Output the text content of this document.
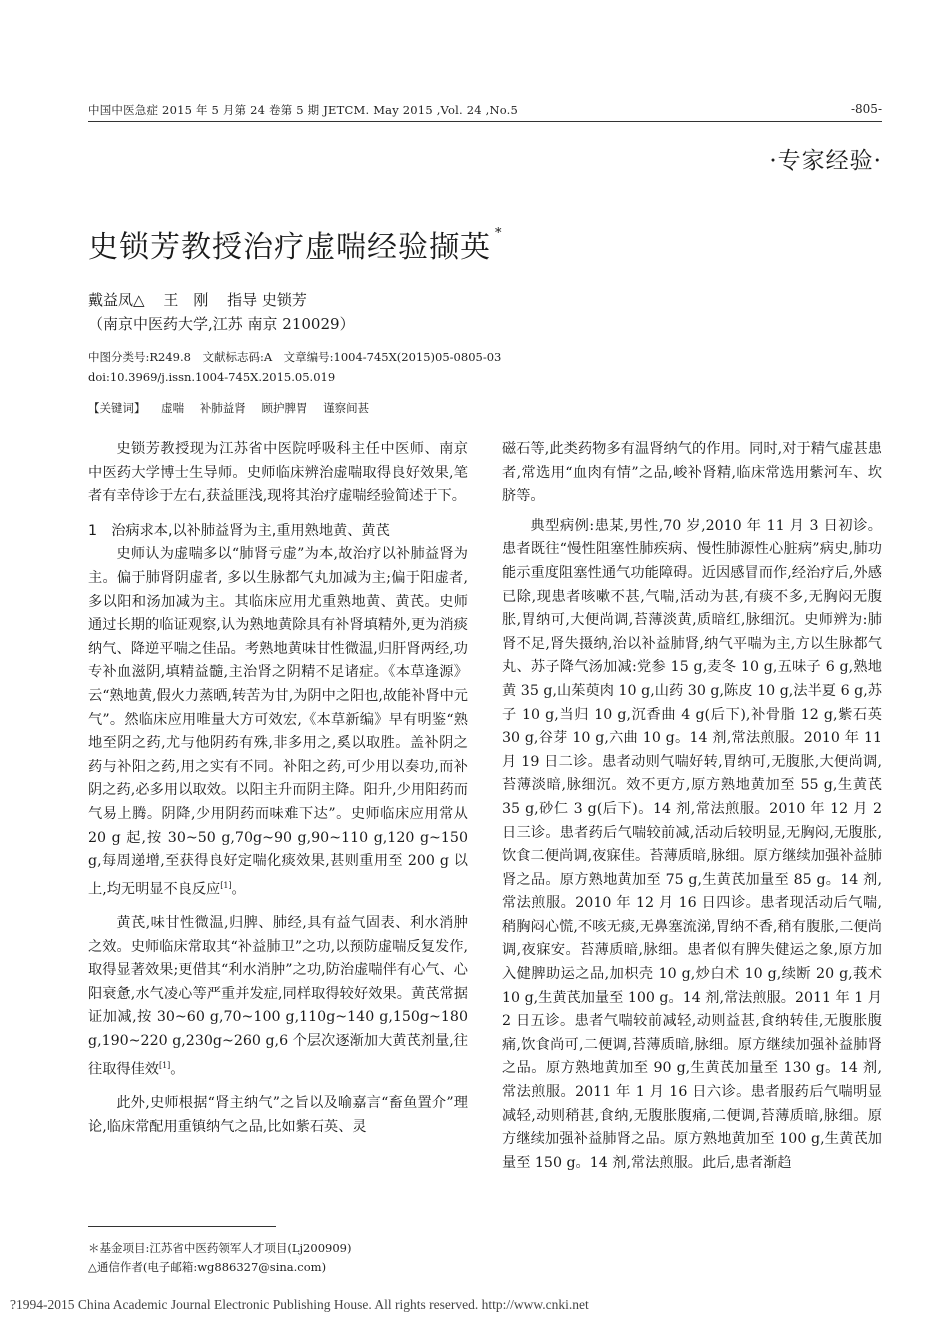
中国中医急症 2015 年 5 月第 24 卷第 5 期 JETCM. May 2015 ,Vol. 24 ,No.5	-805-
·专家经验·
史锁芳教授治疗虚喘经验撷英 *
戴益凤△ 王　刚 指导 史锁芳
（南京中医药大学,江苏 南京 210029）
中图分类号:R249.8　文献标志码:A　文章编号:1004-745X(2015)05-0805-03
doi:10.3969/j.issn.1004-745X.2015.05.019
【关键词】 虚喘 补肺益肾 顾护脾胃 谨察间甚

史锁芳教授现为江苏省中医院呼吸科主任中医师、南京中医药大学博士生导师。史师临床辨治虚喘取得良好效果,笔者有幸侍诊于左右,获益匪浅,现将其治疗虚喘经验简述于下。

1　治病求本,以补肺益肾为主,重用熟地黄、黄芪

史师认为虚喘多以“肺肾亏虚”为本,故治疗以补肺益肾为主。偏于肺肾阴虚者, 多以生脉都气丸加减为主;偏于阳虚者,多以阳和汤加减为主。其临床应用尤重熟地黄、黄芪。史师通过长期的临证观察,认为熟地黄除具有补肾填精外,更为消痰纳气、降逆平喘之佳品。考熟地黄味甘性微温,归肝肾两经,功专补血滋阴,填精益髓,主治肾之阴精不足诸症。《本草逢源》云“熟地黄,假火力蒸晒,转苦为甘,为阴中之阳也,故能补肾中元气”。然临床应用唯量大方可效宏,《本草新编》早有明鉴“熟地至阴之药,尤与他阴药有殊,非多用之,奚以取胜。盖补阴之药与补阳之药,用之实有不同。补阳之药,可少用以奏功,而补阴之药,必多用以取效。以阳主升而阴主降。阳升,少用阳药而气易上腾。阴降,少用阴药而味难下达”。史师临床应用常从 20 g 起,按 30~50 g,70g~90 g,90~110 g,120 g~150 g,每周递增,至获得良好定喘化痰效果,甚则重用至 200 g 以上,均无明显不良反应[1]。

黄芪,味甘性微温,归脾、肺经,具有益气固表、利水消肿之效。史师临床常取其“补益肺卫”之功,以预防虚喘反复发作,取得显著效果;更借其“利水消肿”之功,防治虚喘伴有心气、心阳衰惫,水气凌心等严重并发症,同样取得较好效果。黄芪常据证加减,按 30~60 g,70~100 g,110g~140 g,150g~180 g,190~220 g,230g~260 g,6 个层次逐渐加大黄芪剂量,往往取得佳效[1]。

此外,史师根据“肾主纳气”之旨以及喻嘉言“畜鱼置介”理论,临床常配用重镇纳气之品,比如紫石英、灵

磁石等,此类药物多有温肾纳气的作用。同时,对于精气虚甚患者,常选用“血肉有情”之品,峻补肾精,临床常选用紫河车、坎脐等。

典型病例:患某,男性,70 岁,2010 年 11 月 3 日初诊。患者既往“慢性阻塞性肺疾病、慢性肺源性心脏病”病史,肺功能示重度阻塞性通气功能障碍。近因感冒而作,经治疗后,外感已除,现患者咳嗽不甚,气喘,活动为甚,有痰不多,无胸闷无腹胀,胃纳可,大便尚调,苔薄淡黄,质暗红,脉细沉。史师辨为:肺肾不足,肾失摄纳,治以补益肺肾,纳气平喘为主,方以生脉都气丸、苏子降气汤加减:党参 15 g,麦冬 10 g,五味子 6 g,熟地黄 35 g,山茱萸肉 10 g,山药 30 g,陈皮 10 g,法半夏 6 g,苏子 10 g,当归 10 g,沉香曲 4 g(后下),补骨脂 12 g,紫石英 30 g,谷芽 10 g,六曲 10 g。14 剂,常法煎服。2010 年 11 月 19 日二诊。患者动则气喘好转,胃纳可,无腹胀,大便尚调,苔薄淡暗,脉细沉。效不更方,原方熟地黄加至 55 g,生黄芪 35 g,砂仁 3 g(后下)。14 剂,常法煎服。2010 年 12 月 2 日三诊。患者药后气喘较前减,活动后较明显,无胸闷,无腹胀,饮食二便尚调,夜寐佳。苔薄质暗,脉细。原方继续加强补益肺肾之品。原方熟地黄加至 75 g,生黄芪加量至 85 g。14 剂,常法煎服。2010 年 12 月 16 日四诊。患者现活动后气喘,稍胸闷心慌,不咳无痰,无鼻塞流涕,胃纳不香,稍有腹胀,二便尚调,夜寐安。苔薄质暗,脉细。患者似有脾失健运之象,原方加入健脾助运之品,加枳壳 10 g,炒白术 10 g,续断 20 g,莪术 10 g,生黄芪加量至 100 g。14 剂,常法煎服。2011 年 1 月 2 日五诊。患者气喘较前减轻,动则益甚,食纳转佳,无腹胀腹痛,饮食尚可,二便调,苔薄质暗,脉细。原方继续加强补益肺肾之品。原方熟地黄加至 90 g,生黄芪加量至 130 g。14 剂,常法煎服。2011 年 1 月 16 日六诊。患者服药后气喘明显减轻,动则稍甚,食纳,无腹胀腹痛,二便调,苔薄质暗,脉细。原方继续加强补益肺肾之品。原方熟地黄加至 100 g,生黄芪加量至 150 g。14 剂,常法煎服。此后,患者渐趋

＊基金项目:江苏省中医药领军人才项目(Lj200909)
△通信作者(电子邮箱:wg886327@sina.com)
?1994-2015 China Academic Journal Electronic Publishing House. All rights reserved. http://www.cnki.net
